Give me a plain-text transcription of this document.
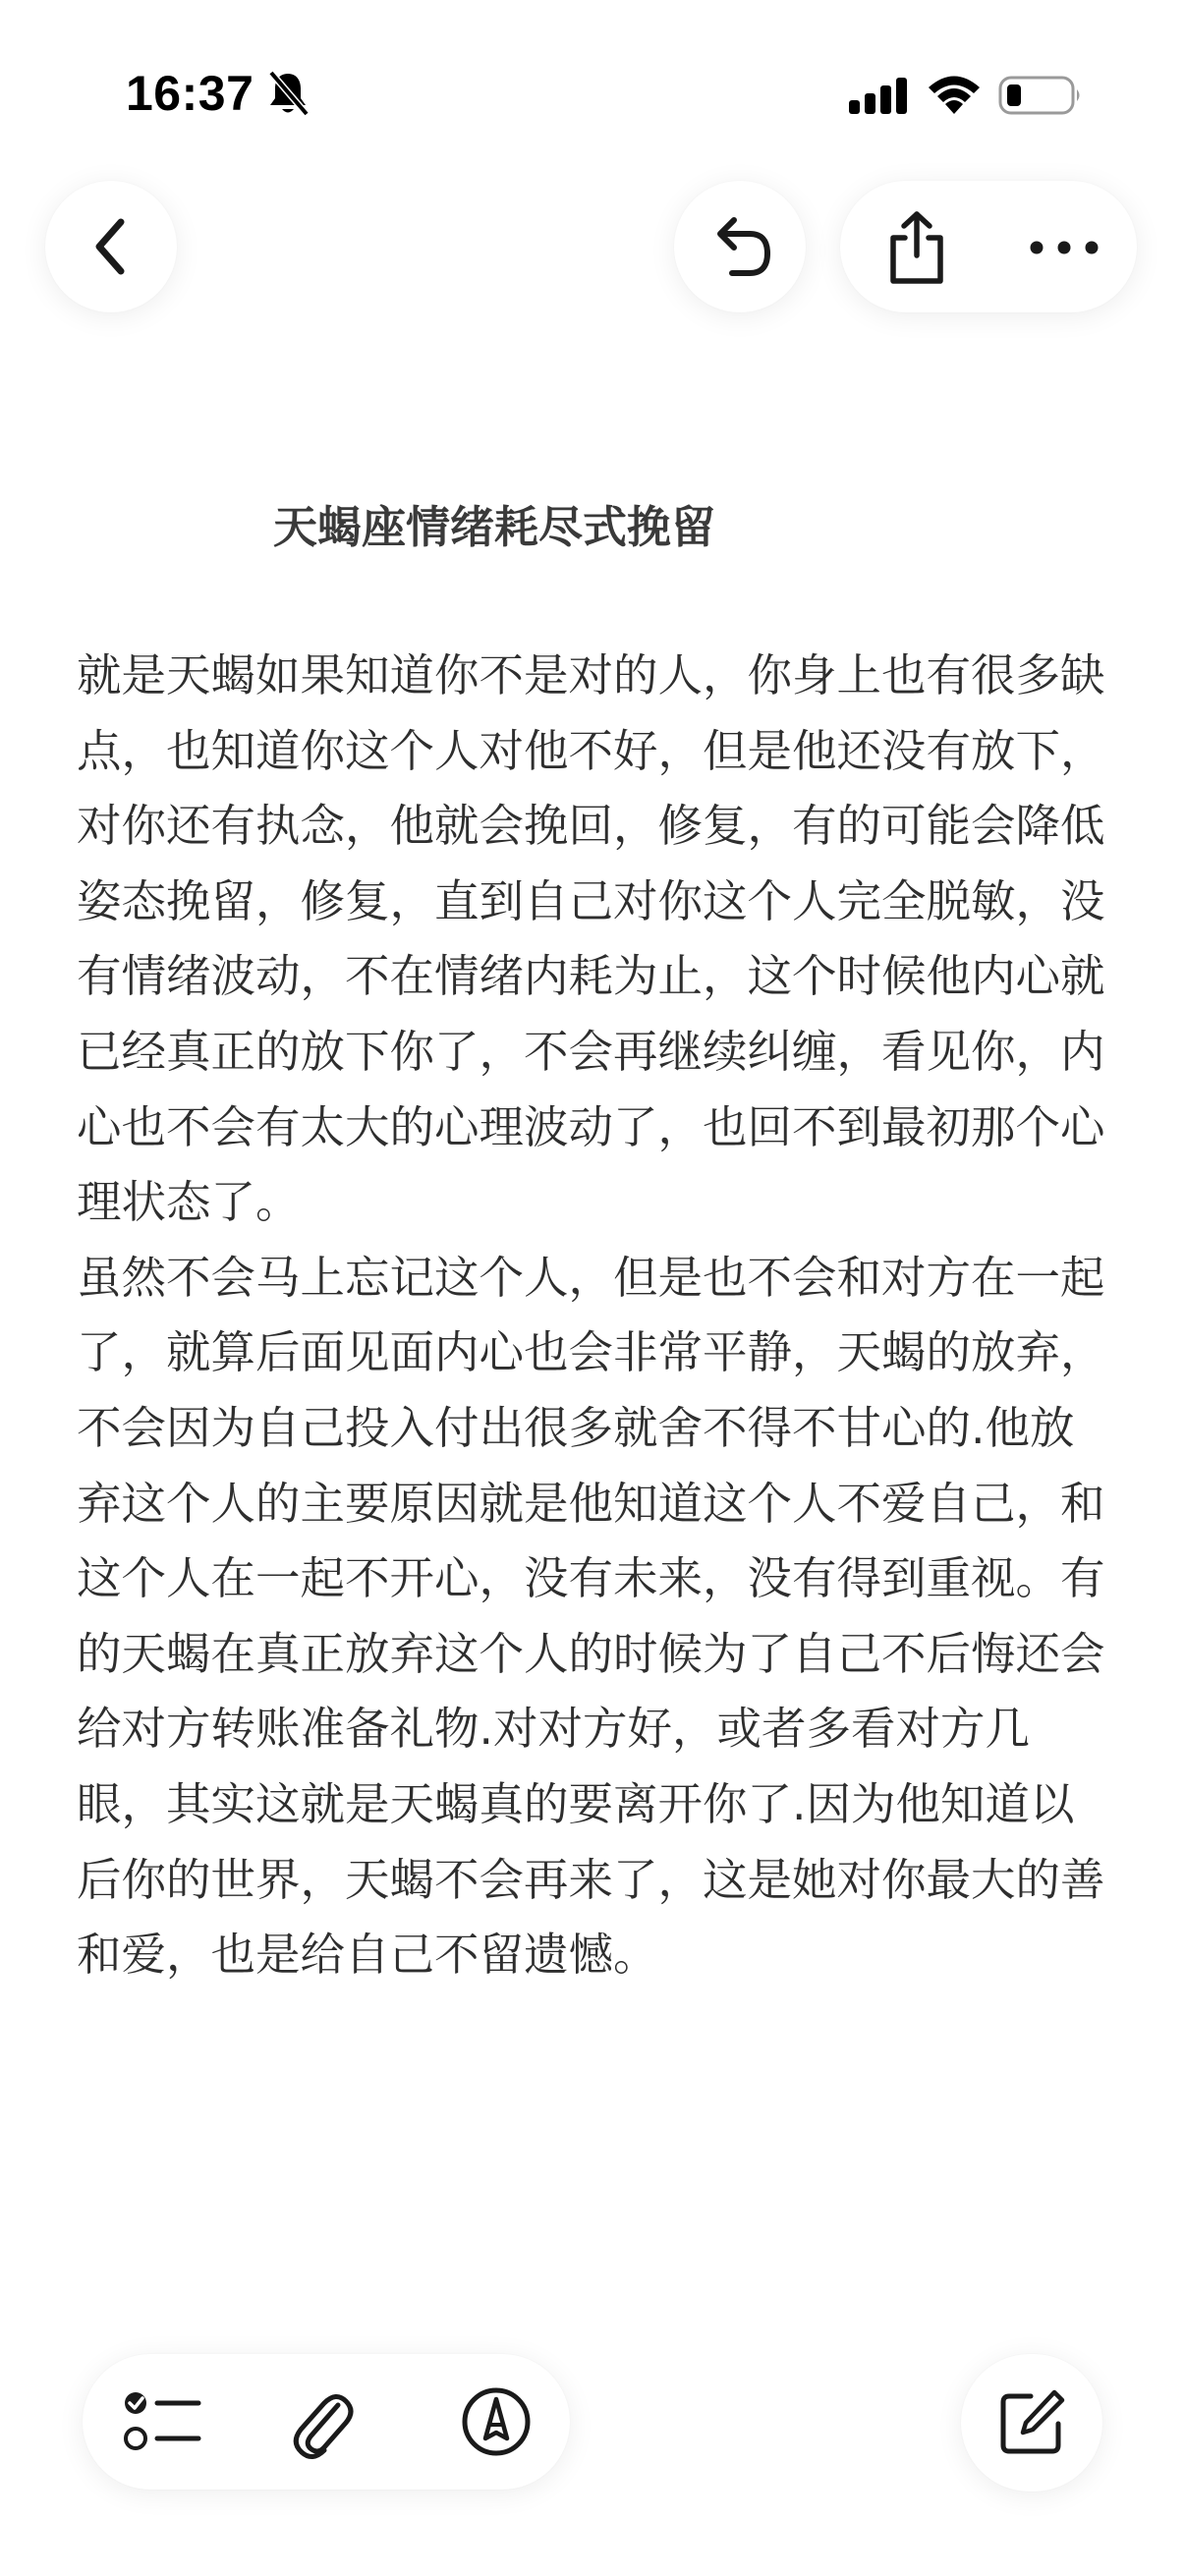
16:37
天蝎座情绪耗尽式挽留

就是天蝎如果知道你不是对的人，你身上也有很多缺点，也知道你这个人对他不好，但是他还没有放下，对你还有执念，他就会挽回，修复，有的可能会降低姿态挽留，修复，直到自己对你这个人完全脱敏，没有情绪波动，不在情绪内耗为止，这个时候他内心就已经真正的放下你了，不会再继续纠缠，看见你，内心也不会有太大的心理波动了，也回不到最初那个心理状态了。

虽然不会马上忘记这个人，但是也不会和对方在一起了，就算后面见面内心也会非常平静，天蝎的放弃，不会因为自己投入付出很多就舍不得不甘心的.他放弃这个人的主要原因就是他知道这个人不爱自己，和这个人在一起不开心，没有未来，没有得到重视。有的天蝎在真正放弃这个人的时候为了自己不后悔还会给对方转账准备礼物.对对方好，或者多看对方几眼，其实这就是天蝎真的要离开你了.因为他知道以后你的世界，天蝎不会再来了，这是她对你最大的善和爱，也是给自己不留遗憾。
